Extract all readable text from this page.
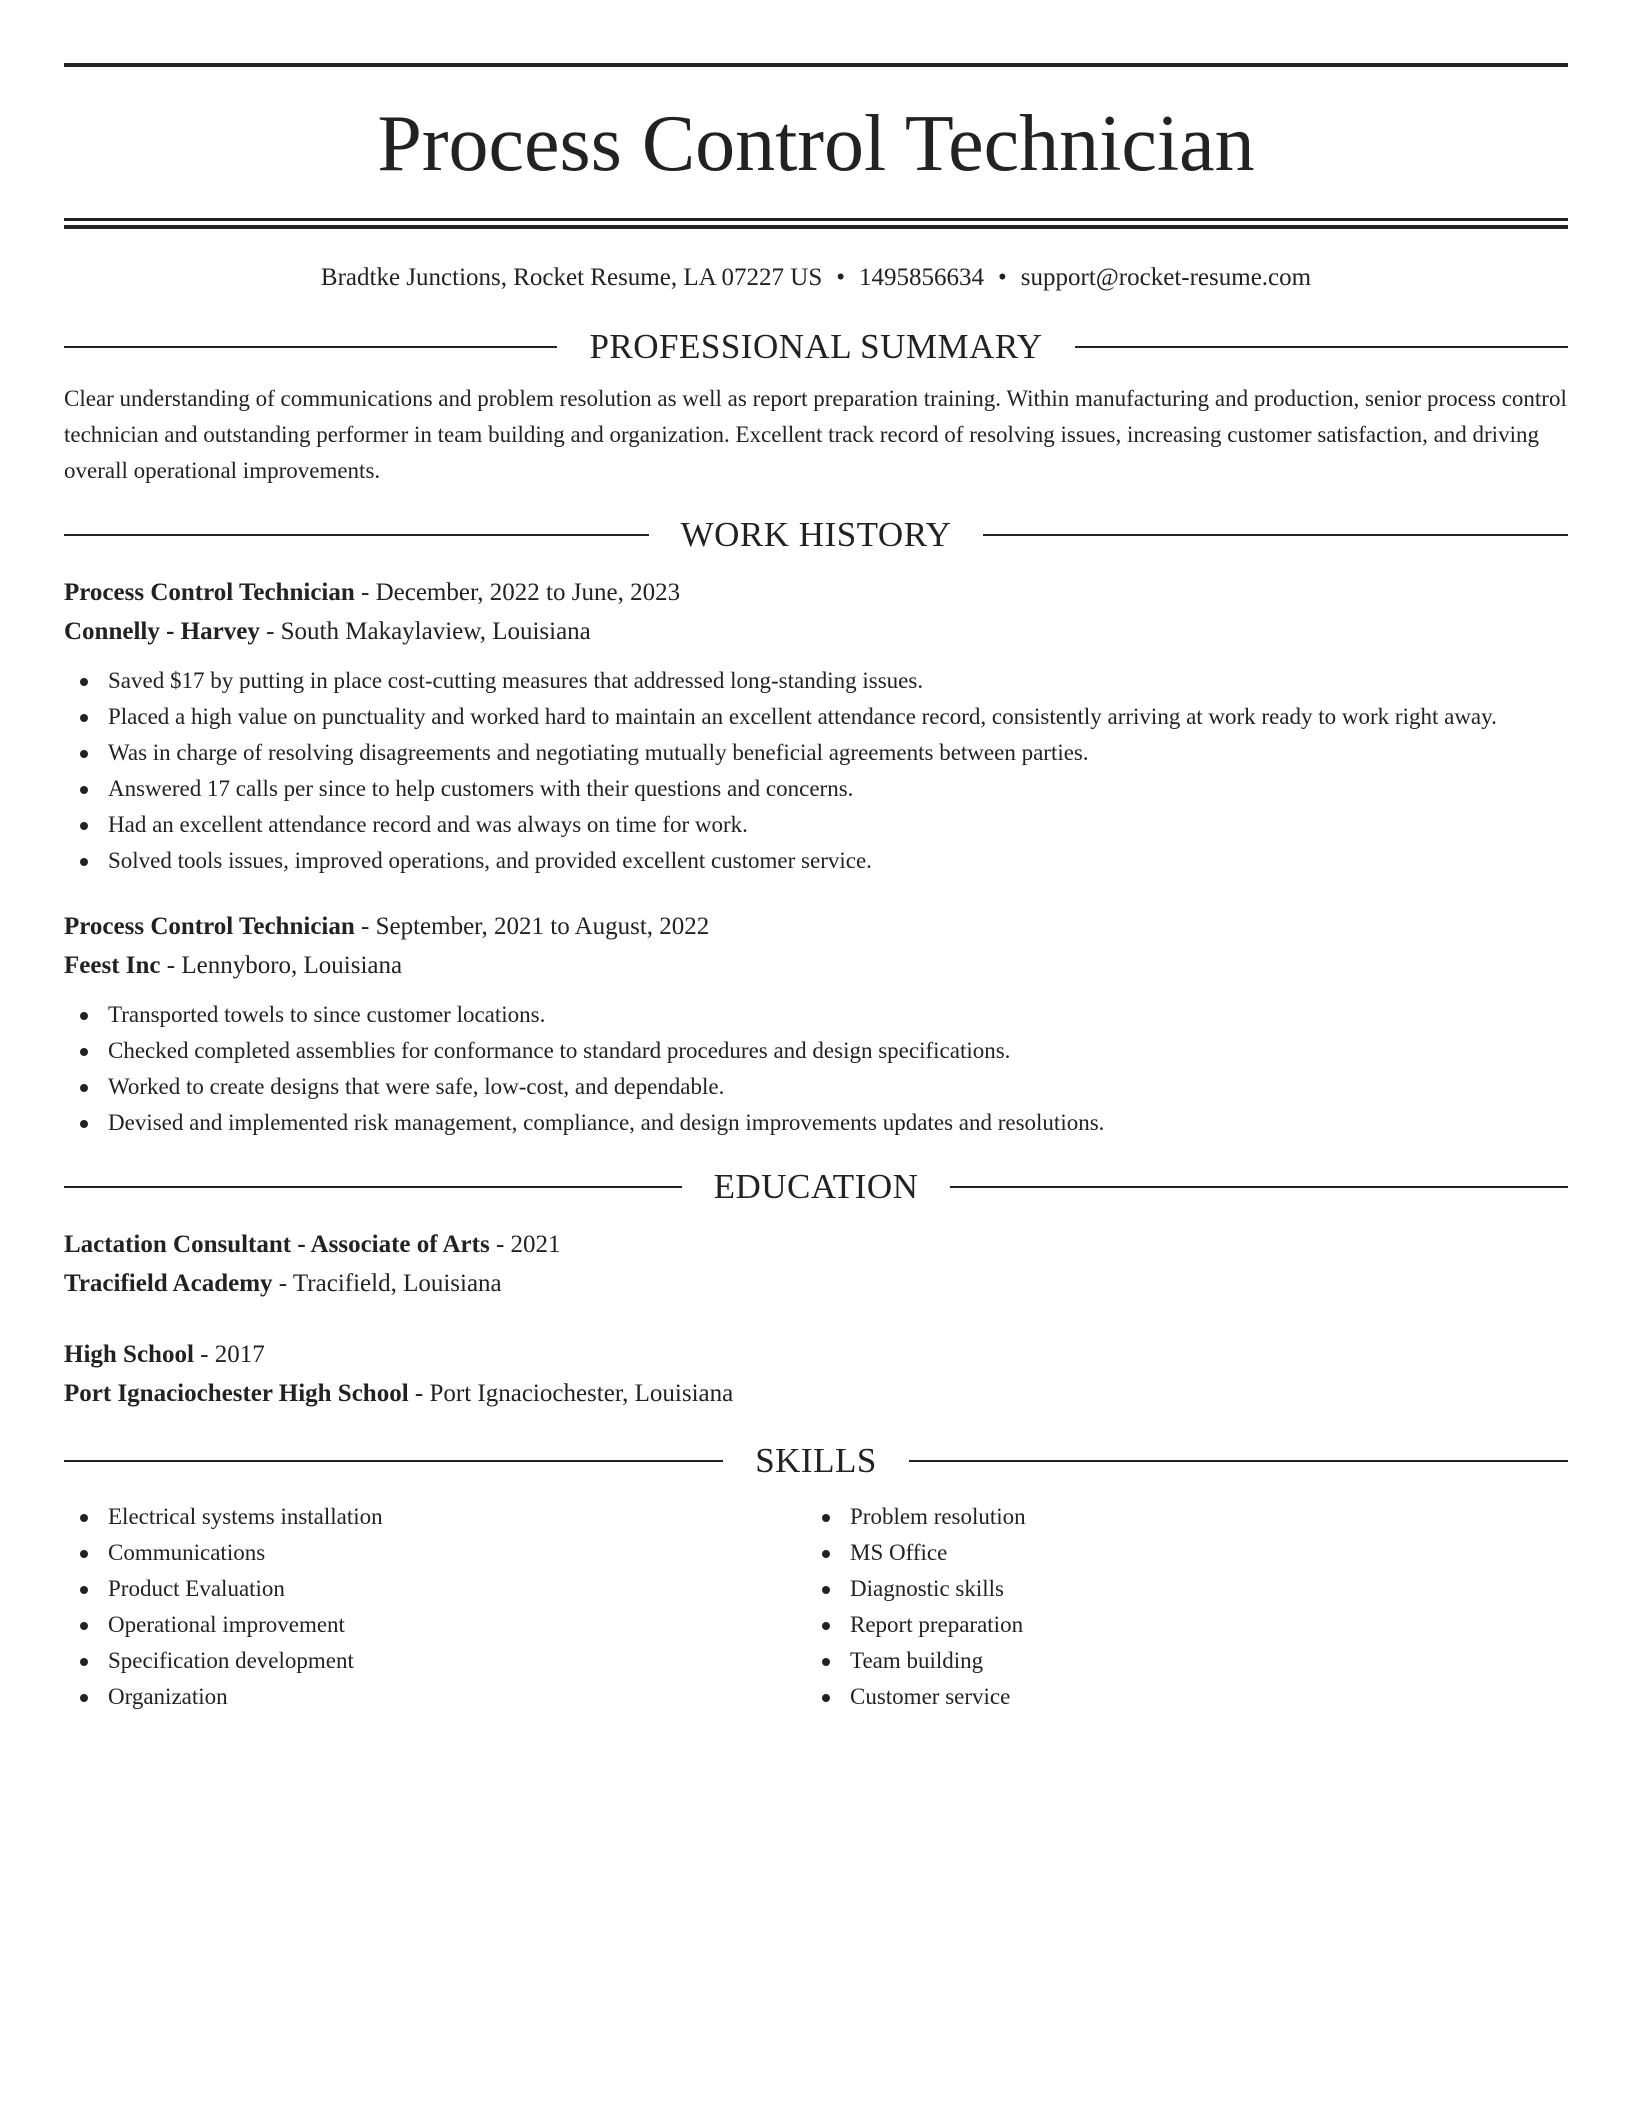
Process Control Technician
Bradtke Junctions, Rocket Resume, LA 07227 US • 1495856634 • support@rocket-resume.com
PROFESSIONAL SUMMARY
Clear understanding of communications and problem resolution as well as report preparation training. Within manufacturing and production, senior process control technician and outstanding performer in team building and organization. Excellent track record of resolving issues, increasing customer satisfaction, and driving overall operational improvements.
WORK HISTORY
Process Control Technician - December, 2022 to June, 2023
Connelly - Harvey - South Makaylaview, Louisiana
Saved $17 by putting in place cost-cutting measures that addressed long-standing issues.
Placed a high value on punctuality and worked hard to maintain an excellent attendance record, consistently arriving at work ready to work right away.
Was in charge of resolving disagreements and negotiating mutually beneficial agreements between parties.
Answered 17 calls per since to help customers with their questions and concerns.
Had an excellent attendance record and was always on time for work.
Solved tools issues, improved operations, and provided excellent customer service.
Process Control Technician - September, 2021 to August, 2022
Feest Inc - Lennyboro, Louisiana
Transported towels to since customer locations.
Checked completed assemblies for conformance to standard procedures and design specifications.
Worked to create designs that were safe, low-cost, and dependable.
Devised and implemented risk management, compliance, and design improvements updates and resolutions.
EDUCATION
Lactation Consultant - Associate of Arts - 2021
Tracifield Academy - Tracifield, Louisiana
High School - 2017
Port Ignaciochester High School - Port Ignaciochester, Louisiana
SKILLS
Electrical systems installation
Communications
Product Evaluation
Operational improvement
Specification development
Organization
Problem resolution
MS Office
Diagnostic skills
Report preparation
Team building
Customer service
